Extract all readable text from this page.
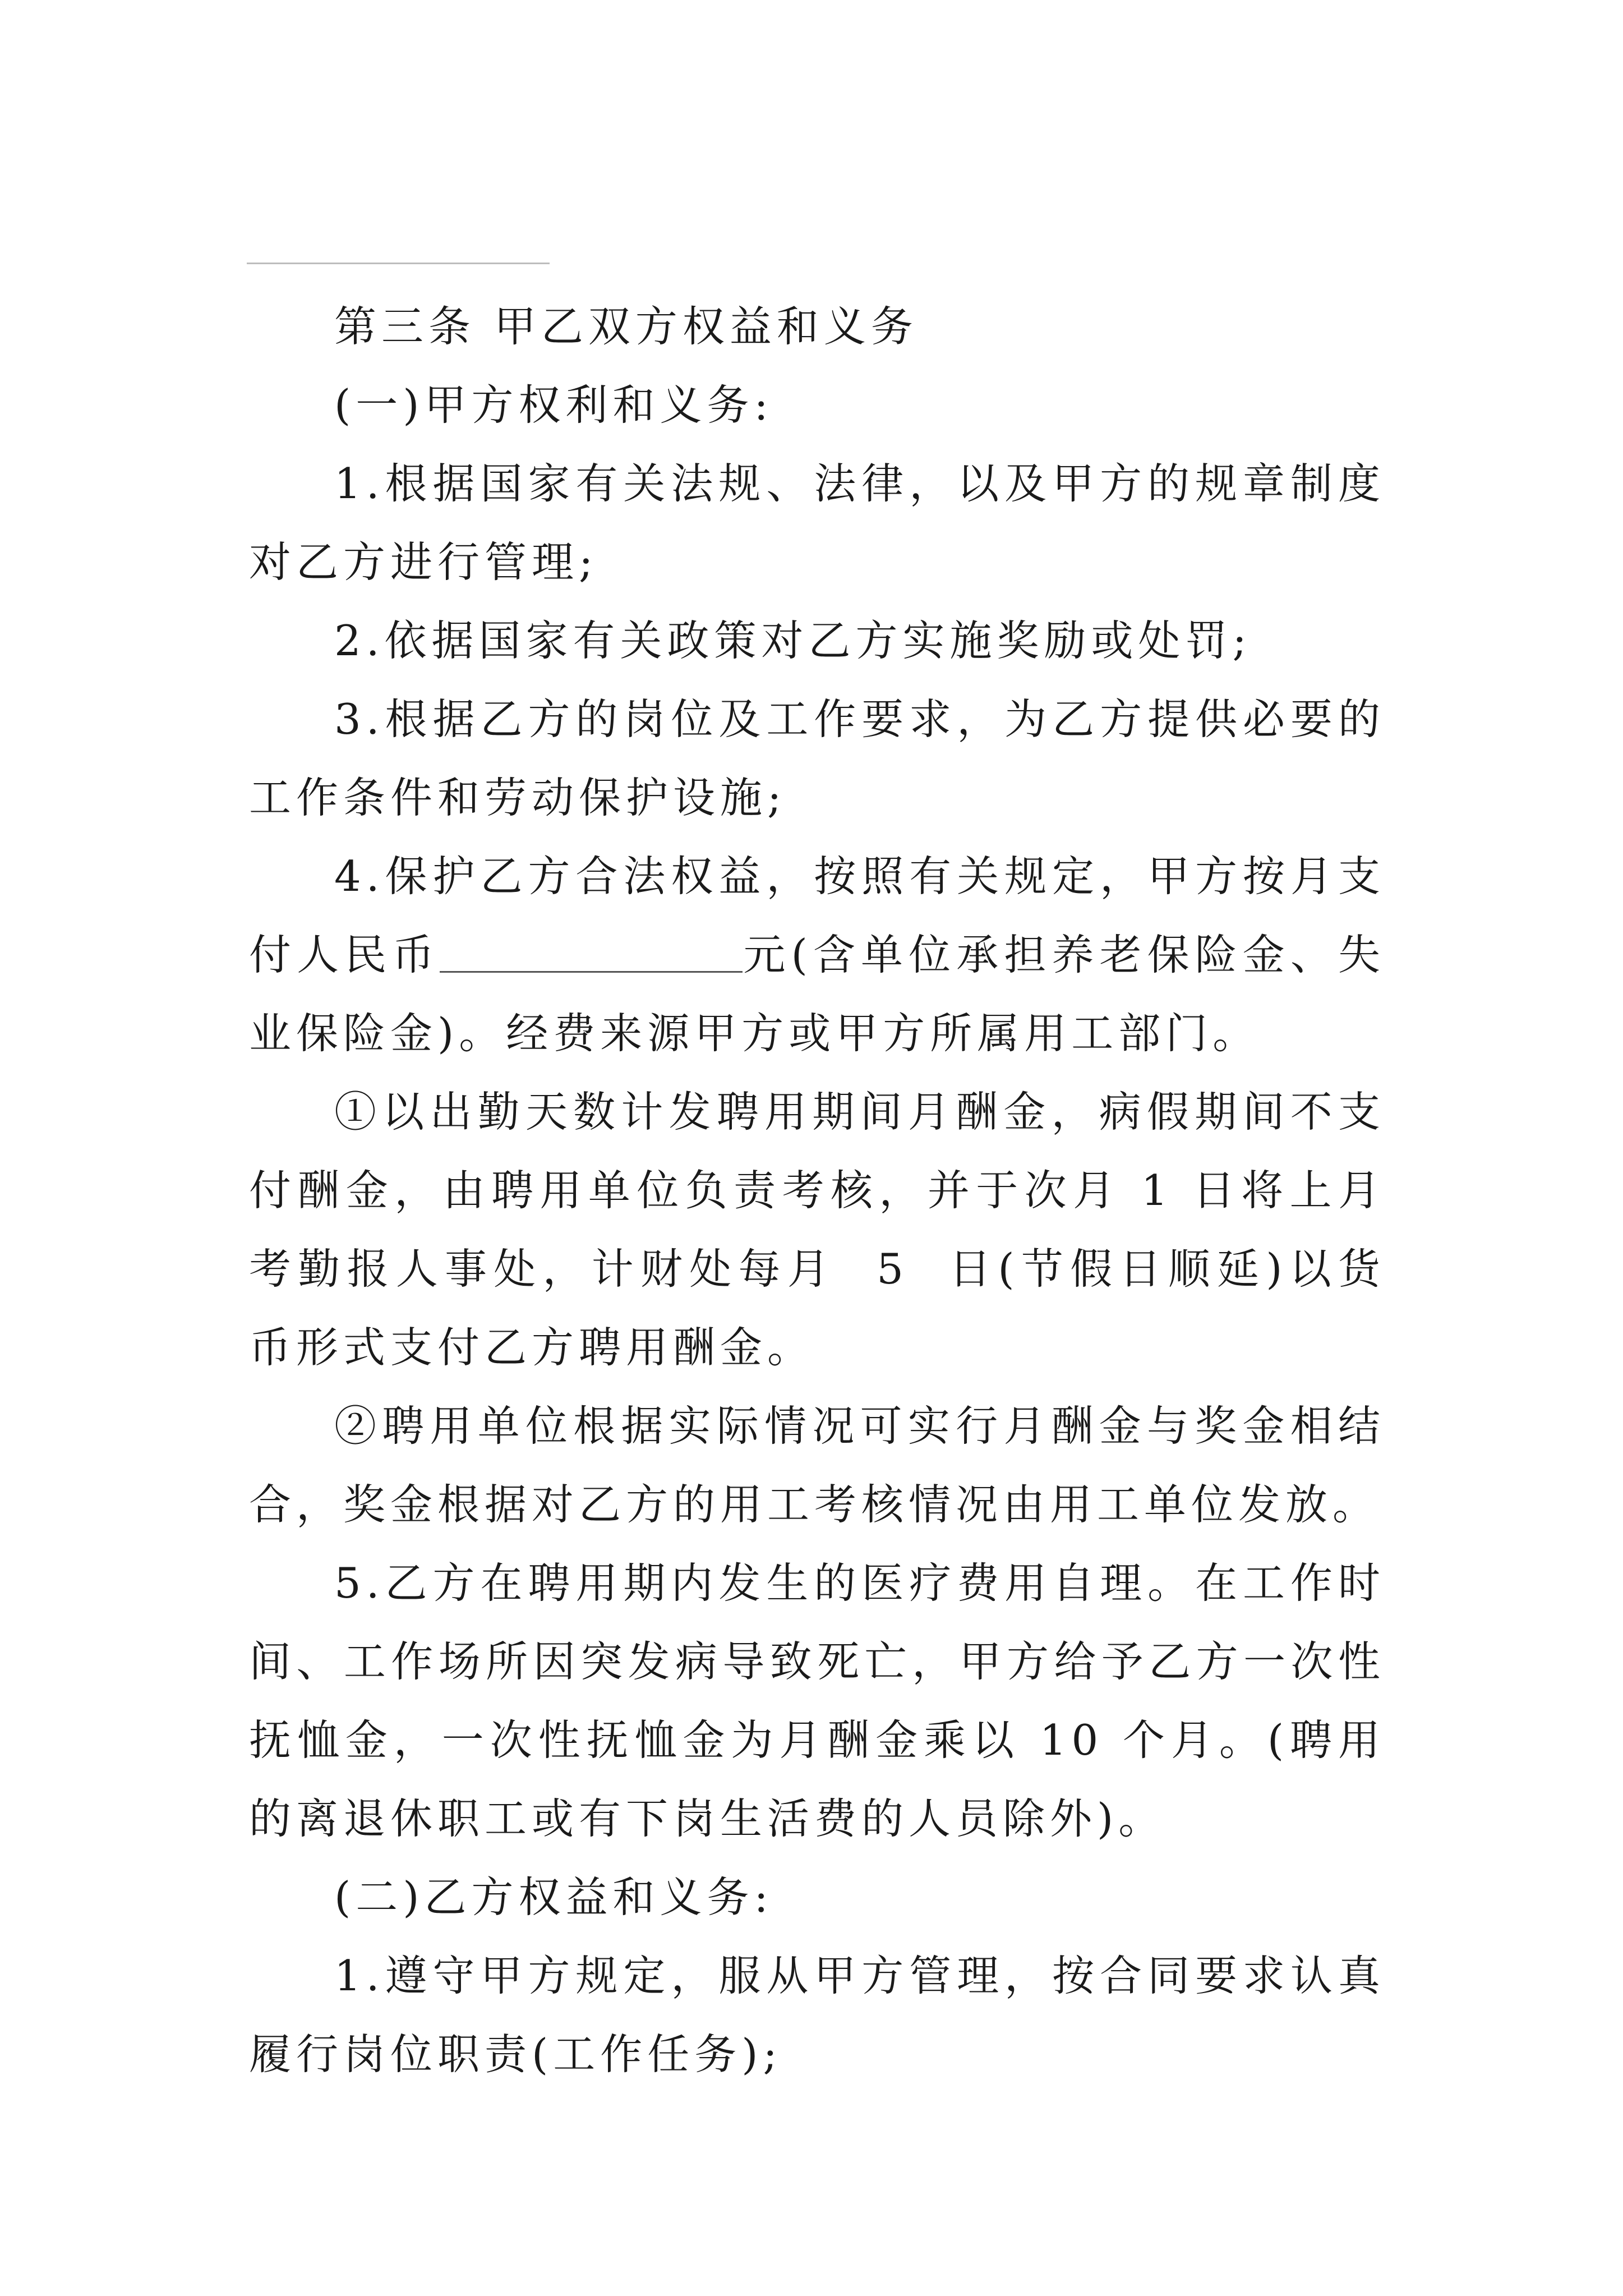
第三条 甲乙双方权益和义务

(一)甲方权利和义务:

1.根据国家有关法规、法律，以及甲方的规章制度对乙方进行管理;

2.依据国家有关政策对乙方实施奖励或处罚;

3.根据乙方的岗位及工作要求，为乙方提供必要的工作条件和劳动保护设施;

4.保护乙方合法权益，按照有关规定，甲方按月支付人民币	元(含单位承担养老保险金、失业保险金)。经费来源甲方或甲方所属用工部门。

①以出勤天数计发聘用期间月酬金，病假期间不支付酬金，由聘用单位负责考核，并于次月 1 日将上月考勤报人事处，计财处每月  5  日(节假日顺延)以货币形式支付乙方聘用酬金。

②聘用单位根据实际情况可实行月酬金与奖金相结合，奖金根据对乙方的用工考核情况由用工单位发放。

5.乙方在聘用期内发生的医疗费用自理。在工作时间、工作场所因突发病导致死亡，甲方给予乙方一次性抚恤金，一次性抚恤金为月酬金乘以 10 个月。(聘用的离退休职工或有下岗生活费的人员除外)。

(二)乙方权益和义务:

1.遵守甲方规定，服从甲方管理，按合同要求认真履行岗位职责(工作任务);
